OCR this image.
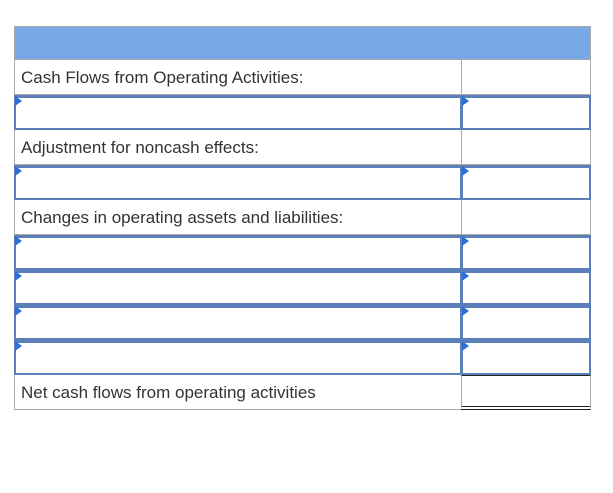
Cash Flows from Operating Activities:
Adjustment for noncash effects:
Changes in operating assets and liabilities:
Net cash flows from operating activities
